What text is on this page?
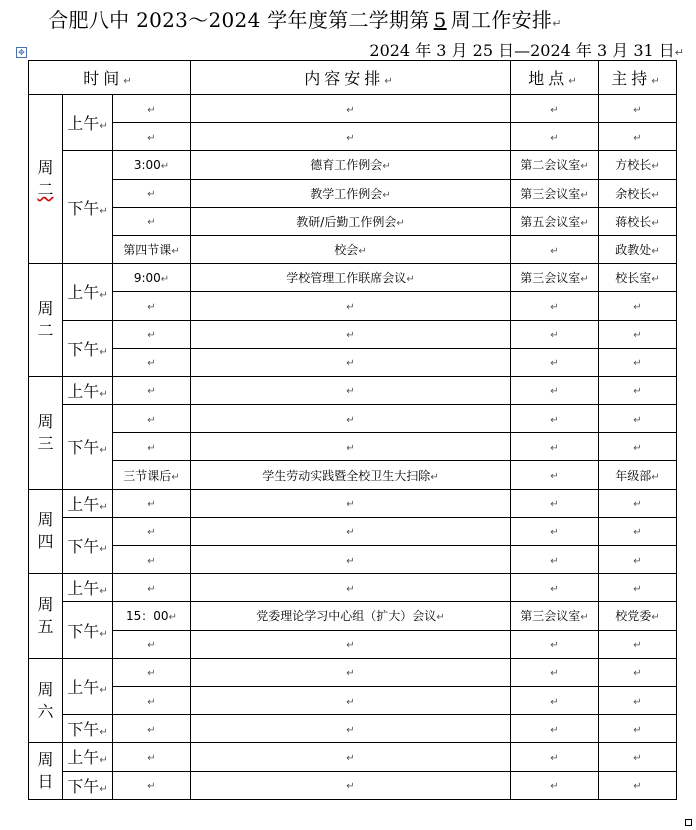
合肥八中 2023～2024 学年度第二学期第 5 周工作安排↵
2024 年 3 月 25 日—2024 年 3 月 31 日↵
✥
时间↵			内容安排↵	地点↵	主持↵

周
二	上午↵	↵	↵	↵	↵
		↵	↵	↵	↵
	下午↵	3:00↵	德育工作例会↵	第二会议室↵	方校长↵
		↵	教学工作例会↵	第三会议室↵	余校长↵
		↵	教研/后勤工作例会↵	第五会议室↵	蒋校长↵
		第四节课↵	校会↵	↵	政教处↵

周
二	上午↵	9:00↵	学校管理工作联席会议↵	第三会议室↵	校长室↵
		↵	↵	↵	↵
	下午↵	↵	↵	↵	↵
		↵	↵	↵	↵

周
三	上午↵	↵	↵	↵	↵
	下午↵	↵	↵	↵	↵
		↵	↵	↵	↵
		三节课后↵	学生劳动实践暨全校卫生大扫除↵	↵	年级部↵

周
四	上午↵	↵	↵	↵	↵
	下午↵	↵	↵	↵	↵
		↵	↵	↵	↵

周
五	上午↵	↵	↵	↵	↵
	下午↵	15：00↵	党委理论学习中心组（扩大）会议↵	第三会议室↵	校党委↵
		↵	↵	↵	↵

周
六	上午↵	↵	↵	↵	↵
		↵	↵	↵	↵
	下午↵	↵	↵	↵	↵

周
日	上午↵	↵	↵	↵	↵
	下午↵	↵	↵	↵	↵
